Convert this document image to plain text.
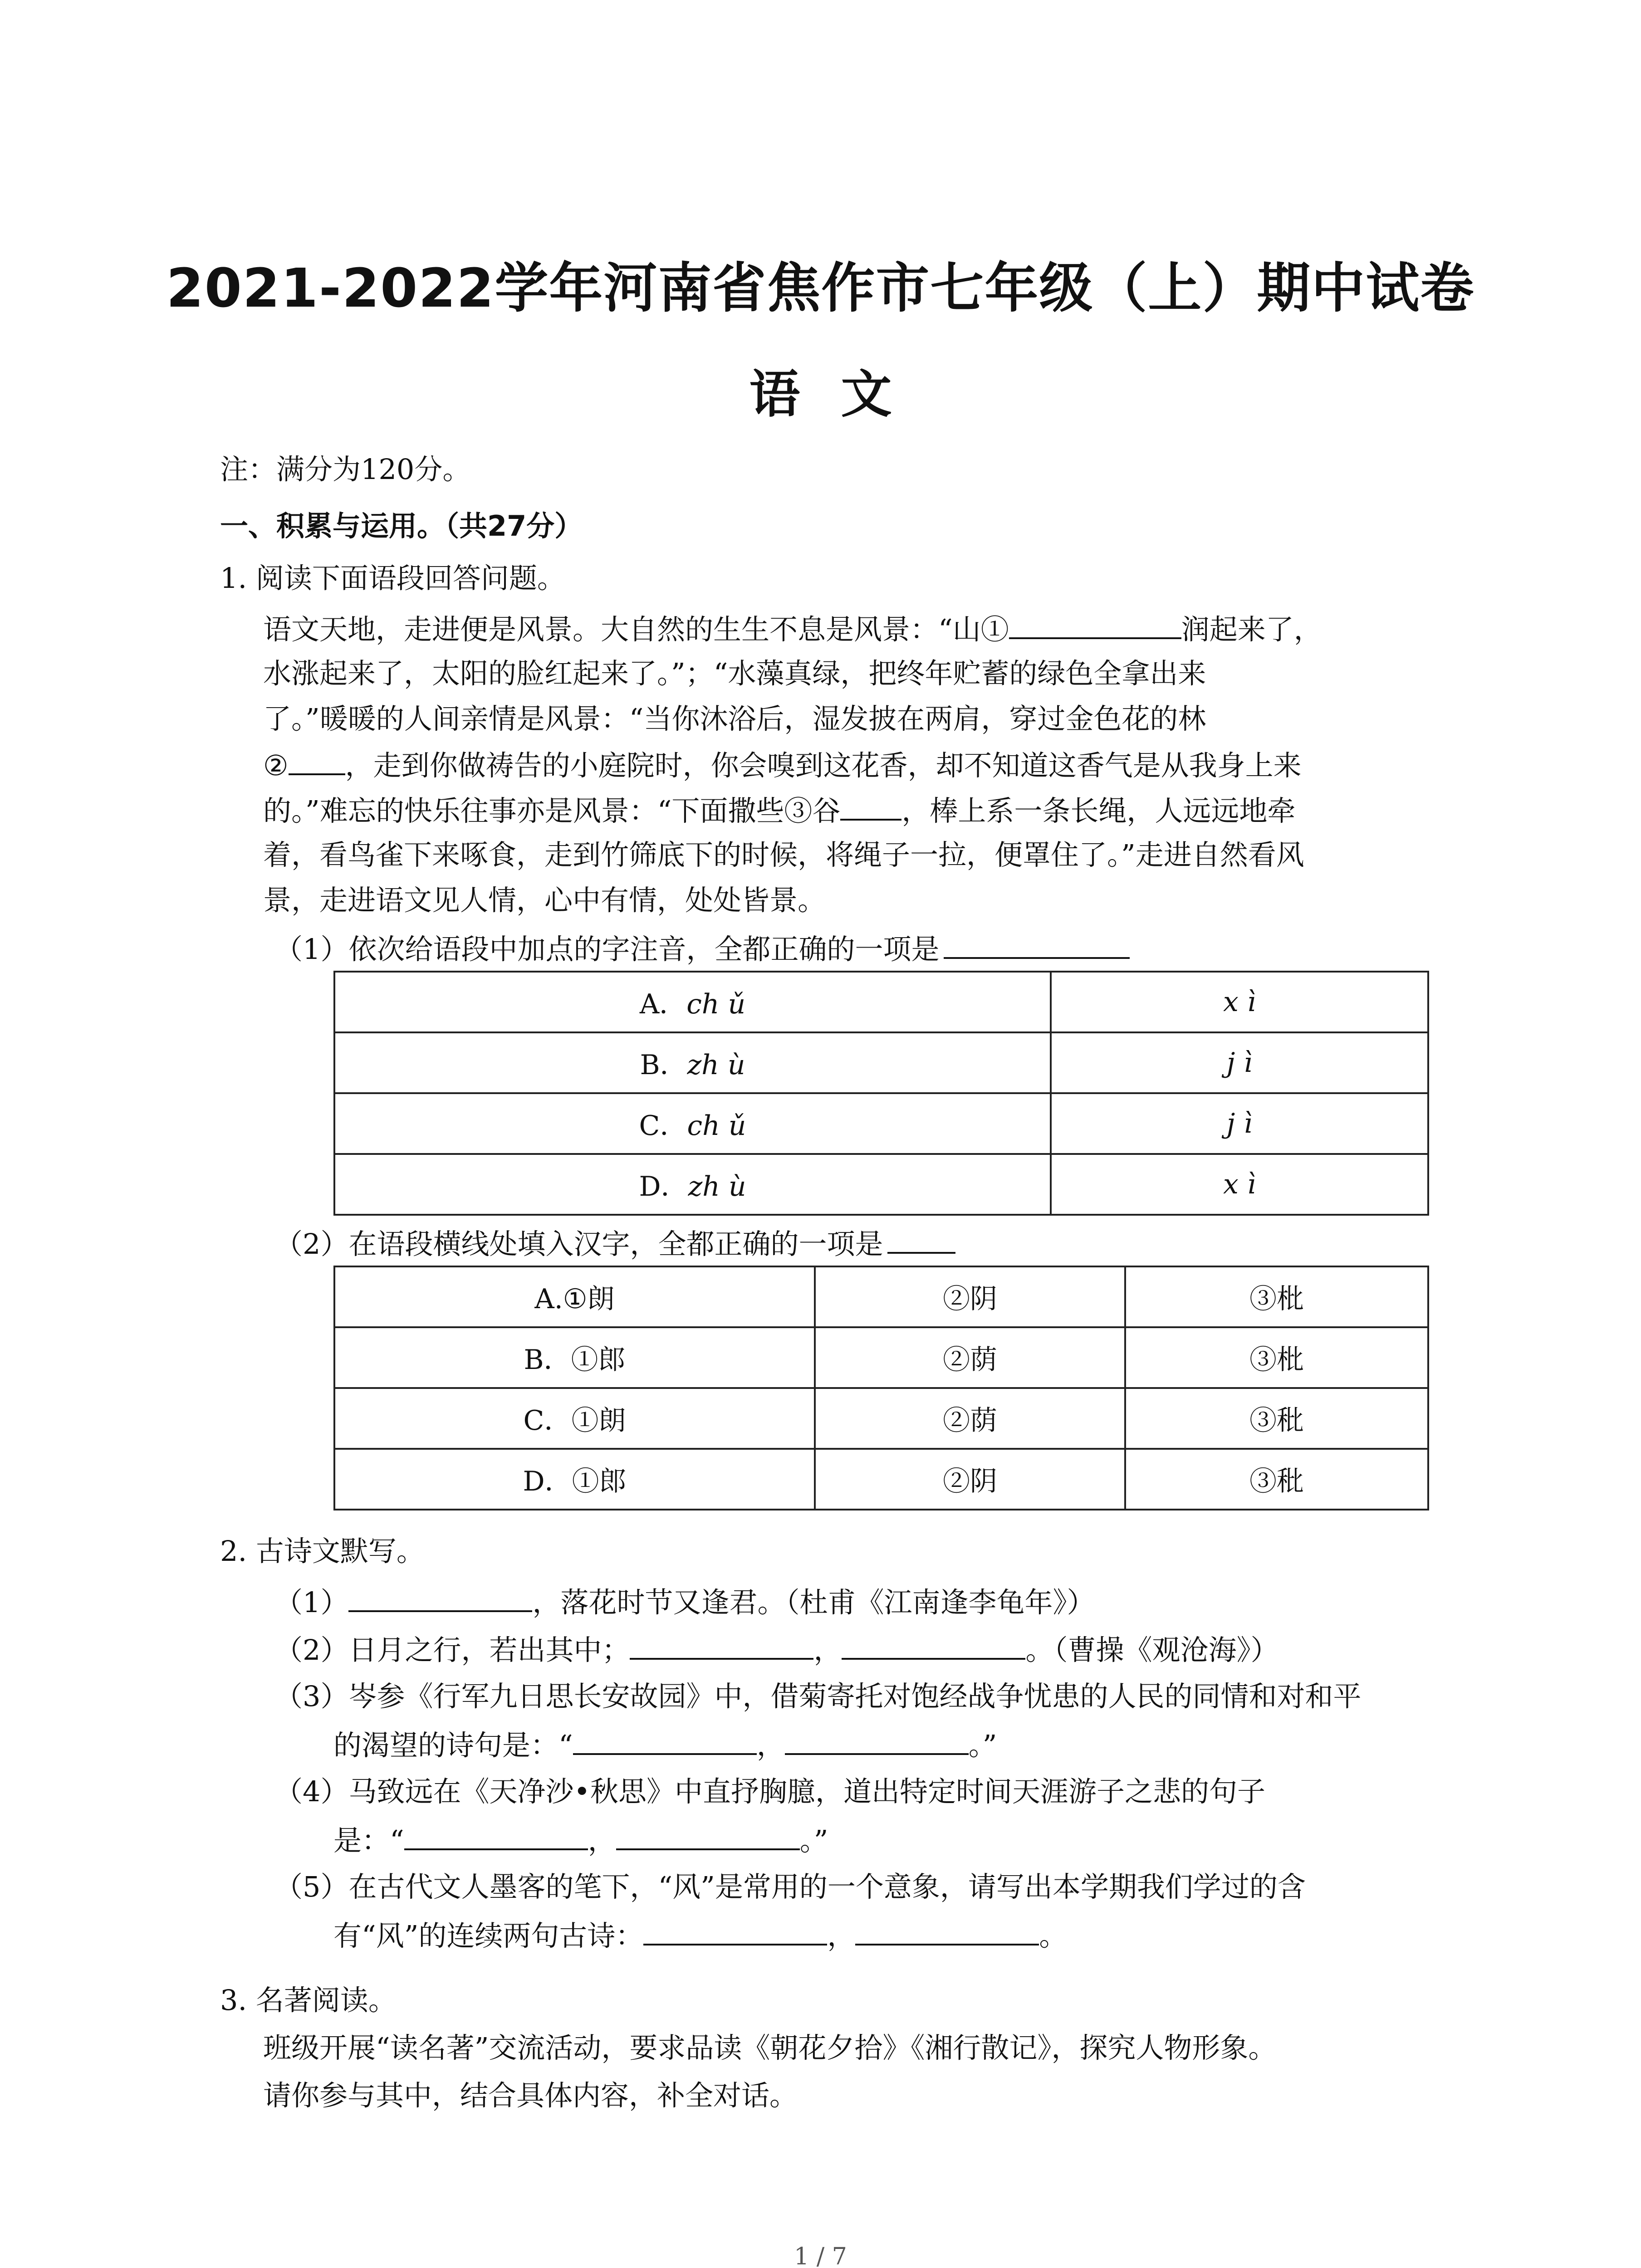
2021-2022学年河南省焦作市七年级（上）期中试卷
语文
注：满分为120分。
一、积累与运用。（共27分）
1. 阅读下面语段回答问题。
语文天地，走进便是风景。大自然的生生不息是风景：“山①	润起来了，
水涨起来了，太阳的脸红起来了。”；“水藻真绿，把终年贮蓄的绿色全拿出来
了。”暖暖的人间亲情是风景：“当你沐浴后，湿发披在两肩，穿过金色花的林
② ，走到你做祷告的小庭院时，你会嗅到这花香，却不知道这香气是从我身上来
的。”难忘的快乐往事亦是风景：“下面撒些③谷 ，棒上系一条长绳，人远远地牵
着，看鸟雀下来啄食，走到竹筛底下的时候，将绳子一拉，便罩住了。”走进自然看风
景，走进语文见人情，心中有情，处处皆景。
（1）依次给语段中加点的字注音，全都正确的一项是
A．ch ǔ	x ì
B．zh ù	j ì
C．ch ǔ	j ì
D．zh ù	x ì
（2）在语段横线处填入汉字，全都正确的一项是
A.①朗	②阴	③枇
B．①郎	②荫	③枇
C．①朗	②荫	③秕
D．①郎	②阴	③秕
2. 古诗文默写。
（1）	，落花时节又逢君。（杜甫《江南逢李龟年》）
（2）日月之行，若出其中；	，	。（曹操《观沧海》）
（3）岑参《行军九日思长安故园》中，借菊寄托对饱经战争忧患的人民的同情和对和平
的渴望的诗句是：“	，	。”
（4）马致远在《天净沙•秋思》中直抒胸臆，道出特定时间天涯游子之悲的句子
是：“	，	。”
（5）在古代文人墨客的笔下，“风”是常用的一个意象，请写出本学期我们学过的含
有“风”的连续两句古诗：	，	。
3. 名著阅读。
班级开展“读名著”交流活动，要求品读《朝花夕拾》《湘行散记》，探究人物形象。
请你参与其中，结合具体内容，补全对话。
1 / 7
